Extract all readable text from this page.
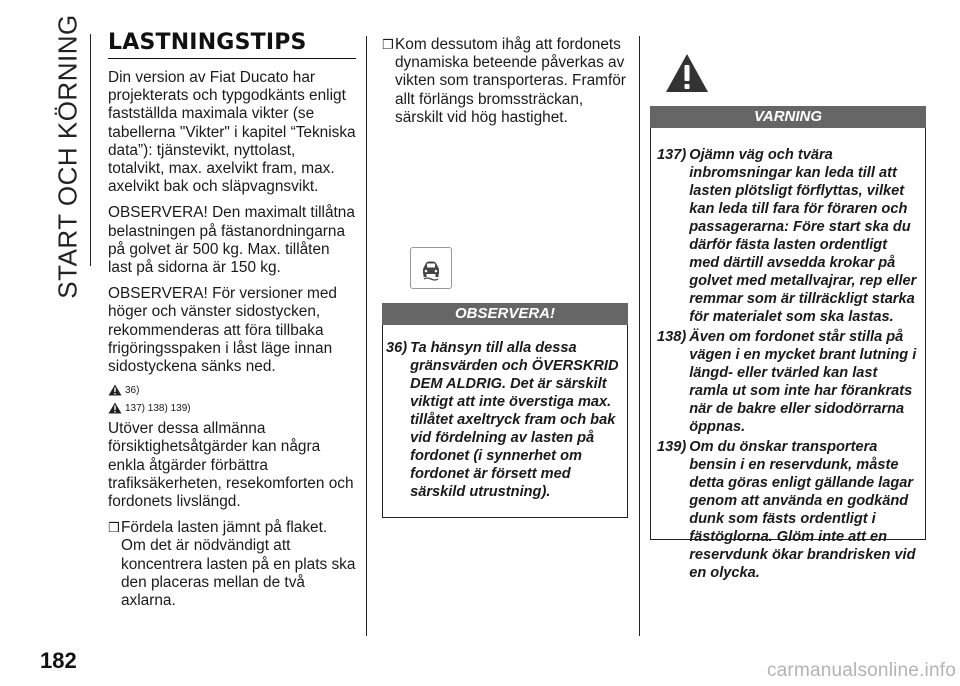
START OCH KÖRNING LASTNINGSTIPS

Din version av Fiat Ducato har projekterats och typgodkänts enligt fastställda maximala vikter (se tabellerna "Vikter" i kapitel “Tekniska data”): tjänstevikt, nyttolast, totalvikt, max. axelvikt fram, max. axelvikt bak och släpvagnsvikt.

OBSERVERA! Den maximalt tillåtna belastningen på fästanordningarna på golvet är 500 kg. Max. tillåten last på sidorna är 150 kg.

OBSERVERA! För versioner med höger och vänster sidostycken, rekommenderas att föra tillbaka frigöringsspaken i låst läge innan sidostyckena sänks ned.

36)
137) 138) 139)

Utöver dessa allmänna försiktighetsåtgärder kan några enkla åtgärder förbättra trafiksäkerheten, resekomforten och fordonets livslängd.

❒ Fördela lasten jämnt på flaket. Om det är nödvändigt att koncentrera lasten på en plats ska den placeras mellan de två axlarna.
❒ Kom dessutom ihåg att fordonets dynamiska beteende påverkas av vikten som transporteras. Framför allt förlängs bromssträckan, särskilt vid hög hastighet.
OBSERVERA!
36) Ta hänsyn till alla dessa gränsvärden och ÖVERSKRID DEM ALDRIG. Det är särskilt viktigt att inte överstiga max. tillåtet axeltryck fram och bak vid fördelning av lasten på fordonet (i synnerhet om fordonet är försett med särskild utrustning).
VARNING
137) Ojämn väg och tvära inbromsningar kan leda till att lasten plötsligt förflyttas, vilket kan leda till fara för föraren och passagerarna: Före start ska du därför fästa lasten ordentligt med därtill avsedda krokar på golvet med metallvajrar, rep eller remmar som är tillräckligt starka för materialet som ska lastas.
138) Även om fordonet står stilla på vägen i en mycket brant lutning i längd- eller tvärled kan last ramla ut som inte har förankrats när de bakre eller sidodörrarna öppnas.
139) Om du önskar transportera bensin i en reservdunk, måste detta göras enligt gällande lagar genom att använda en godkänd dunk som fästs ordentligt i fästöglorna. Glöm inte att en reservdunk ökar brandrisken vid en olycka.
182	carmanualsonline.info
